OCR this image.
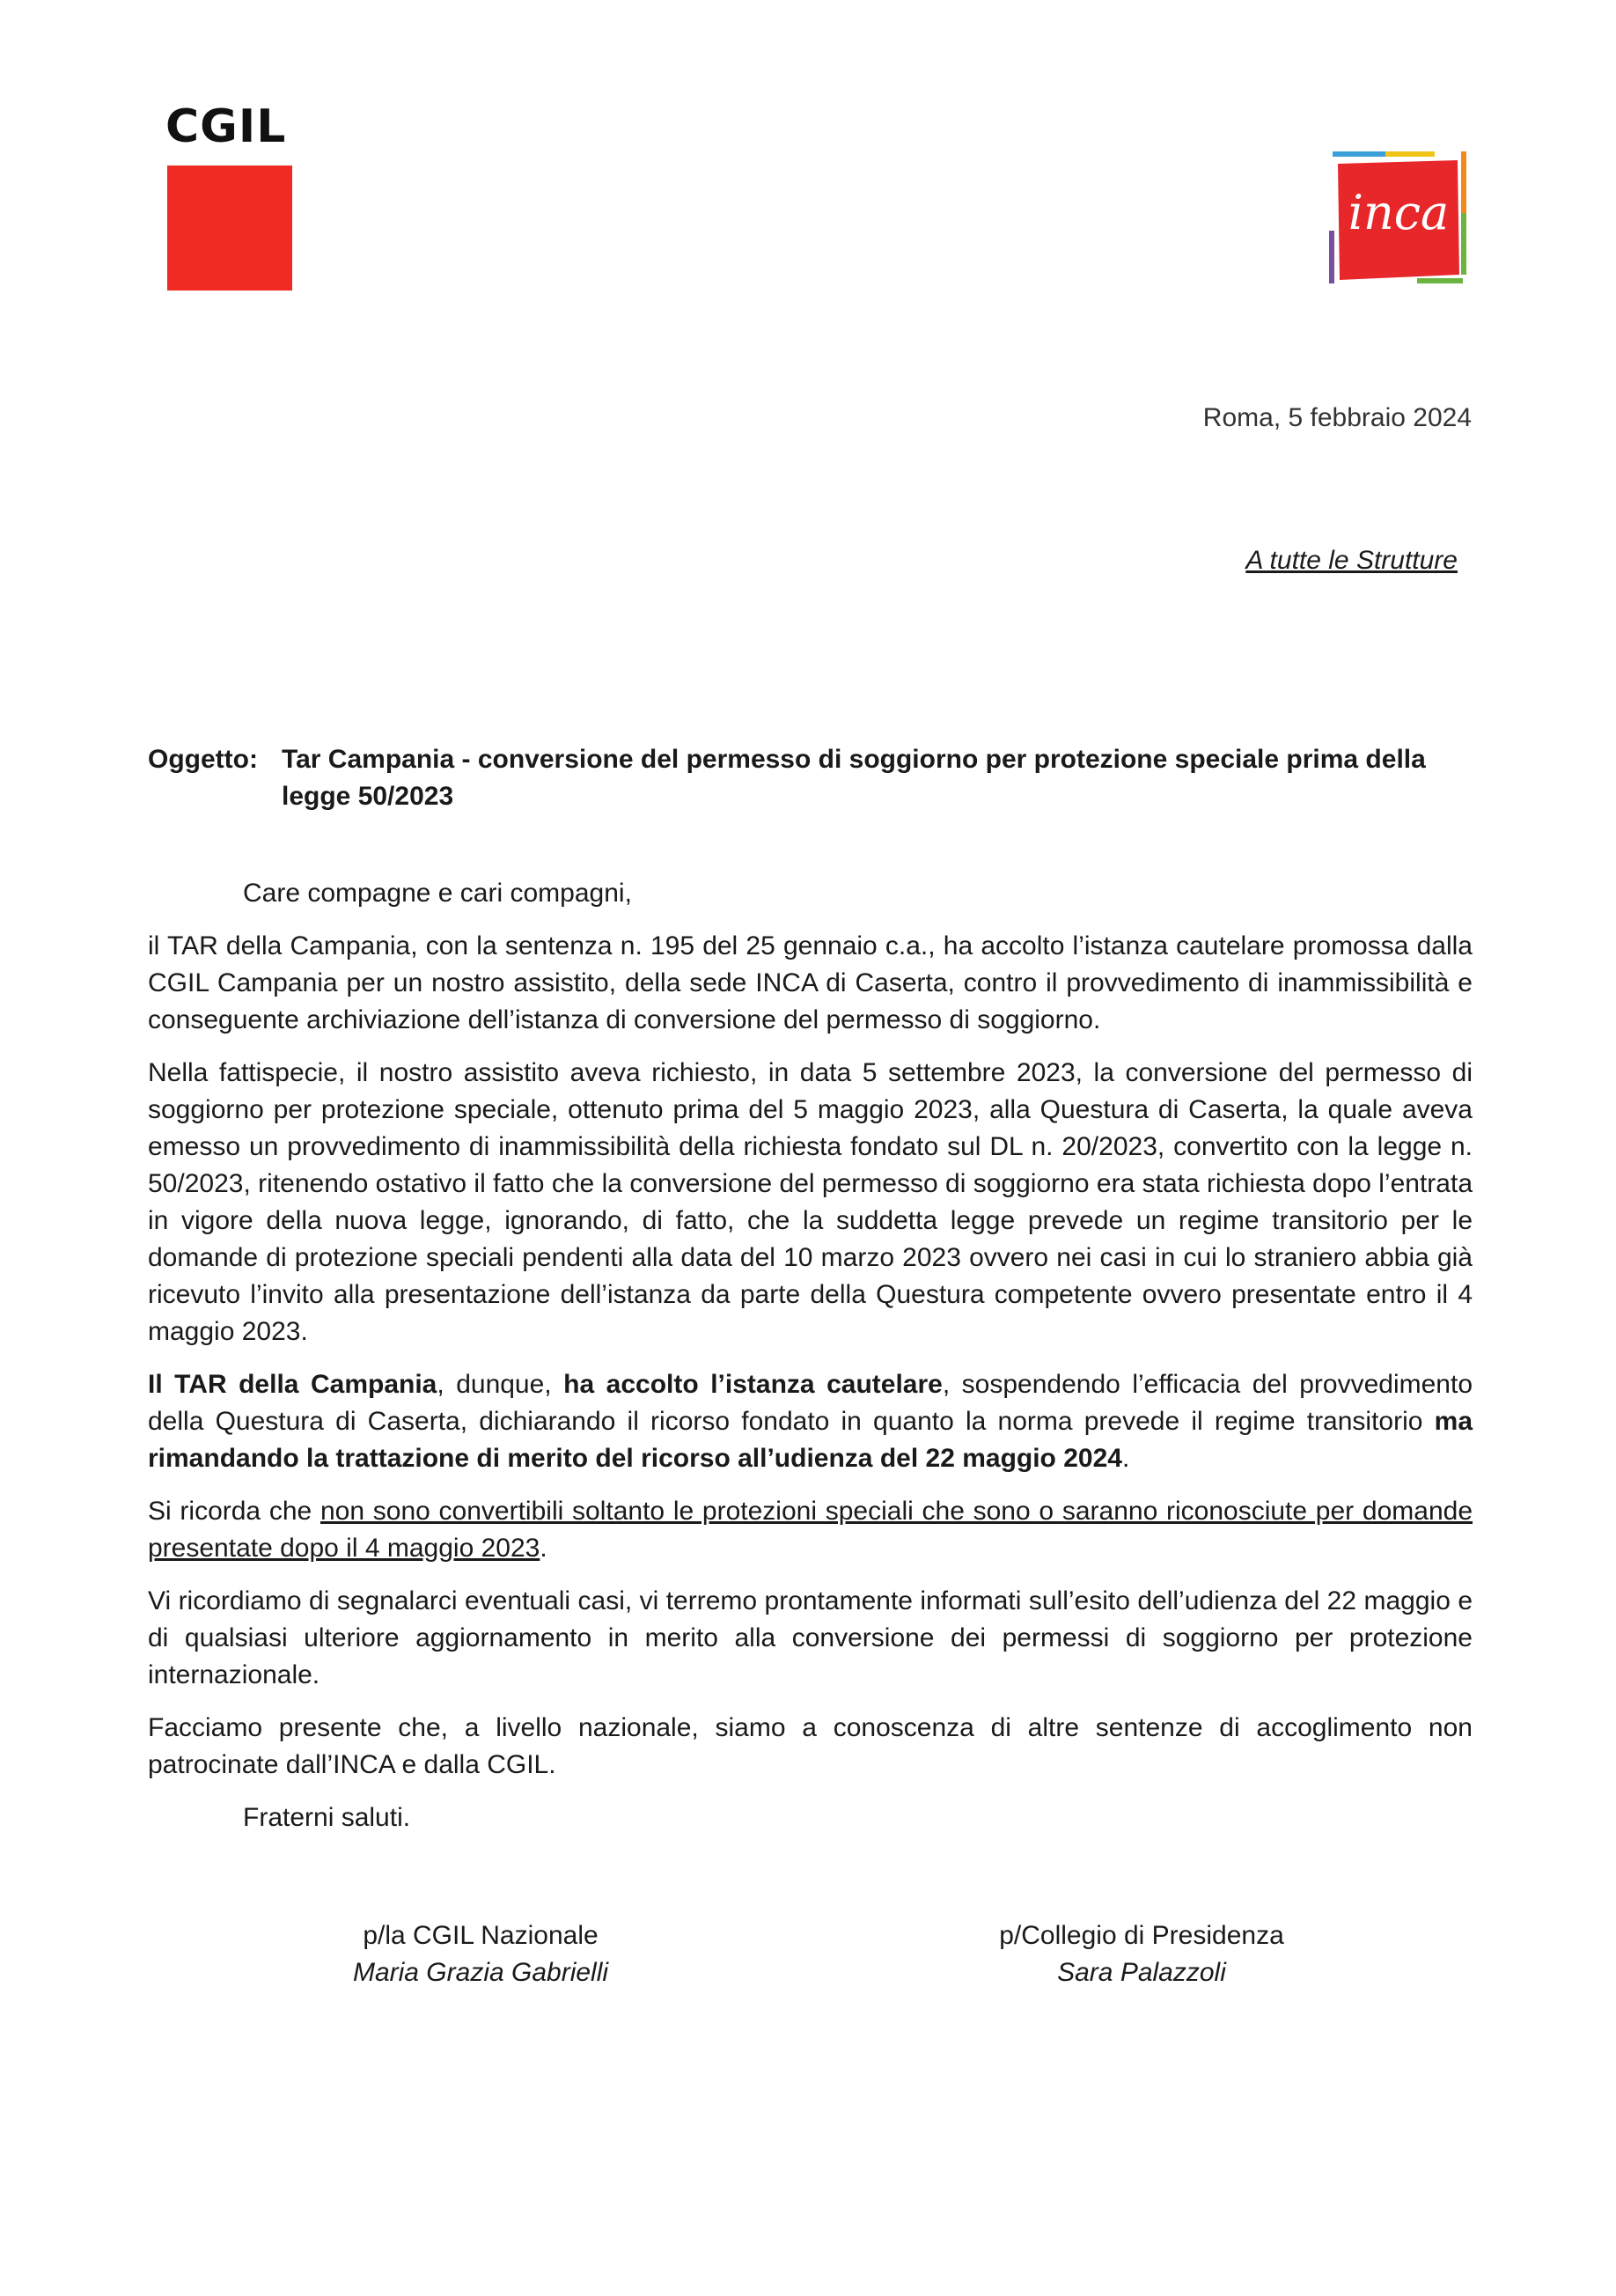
CGIL
inca
Roma, 5 febbraio 2024
A tutte le Strutture
Oggetto: Tar Campania - conversione del permesso di soggiorno per protezione speciale prima della legge 50/2023

Care compagne e cari compagni,

il TAR della Campania, con la sentenza n. 195 del 25 gennaio c.a., ha accolto l’istanza cautelare promossa dalla CGIL Campania per un nostro assistito, della sede INCA di Caserta, contro il provvedimento di inammissibilità e conseguente archiviazione dell’istanza di conversione del permesso di soggiorno.

Nella fattispecie, il nostro assistito aveva richiesto, in data 5 settembre 2023, la conversione del permesso di soggiorno per protezione speciale, ottenuto prima del 5 maggio 2023, alla Questura di Caserta, la quale aveva emesso un provvedimento di inammissibilità della richiesta fondato sul DL n. 20/2023, convertito con la legge n. 50/2023, ritenendo ostativo il fatto che la conversione del permesso di soggiorno era stata richiesta dopo l’entrata in vigore della nuova legge, ignorando, di fatto, che la suddetta legge prevede un regime transitorio per le domande di protezione speciali pendenti alla data del 10 marzo 2023 ovvero nei casi in cui lo straniero abbia già ricevuto l’invito alla presentazione dell’istanza da parte della Questura competente ovvero presentate entro il 4 maggio 2023.

Il TAR della Campania, dunque, ha accolto l’istanza cautelare, sospendendo l’efficacia del provvedimento della Questura di Caserta, dichiarando il ricorso fondato in quanto la norma prevede il regime transitorio ma rimandando la trattazione di merito del ricorso all’udienza del 22 maggio 2024.

Si ricorda che non sono convertibili soltanto le protezioni speciali che sono o saranno riconosciute per domande presentate dopo il 4 maggio 2023.

Vi ricordiamo di segnalarci eventuali casi, vi terremo prontamente informati sull’esito dell’udienza del 22 maggio e di qualsiasi ulteriore aggiornamento in merito alla conversione dei permessi di soggiorno per protezione internazionale.

Facciamo presente che, a livello nazionale, siamo a conoscenza di altre sentenze di accoglimento non patrocinate dall’INCA e dalla CGIL.

Fraterni saluti.

p/la CGIL Nazionale
Maria Grazia Gabrielli
p/Collegio di Presidenza
Sara Palazzoli
